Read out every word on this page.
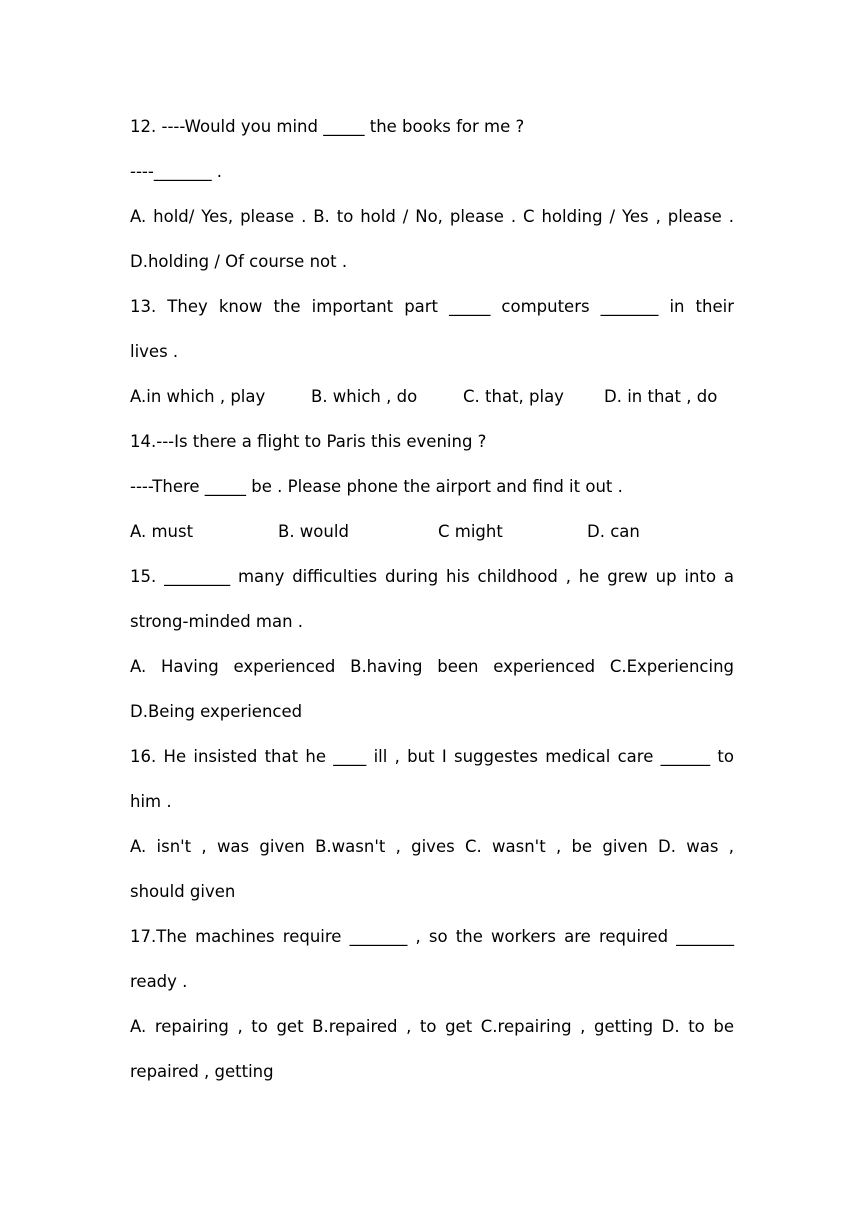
12. ----Would you mind _____ the books for me ?
----_______ .
A. hold/ Yes, please . B. to hold / No, please . C holding / Yes , please .
D.holding / Of course not .
13. They know the important part _____ computers _______ in their
lives .
A.in which , play	B. which , do	C. that, play	D. in that , do
14.---Is there a flight to Paris this evening ?
----There _____ be . Please phone the airport and find it out .
A. must	B. would	C might	D. can
15. ________ many difficulties during his childhood , he grew up into a
strong-minded man .
A. Having experienced B.having been experienced C.Experiencing
D.Being experienced
16. He insisted that he ____ ill , but I suggestes medical care ______ to
him .
A. isn't , was given B.wasn't , gives C. wasn't , be given D. was ,
should given
17.The machines require _______ , so the workers are required _______
ready .
A. repairing , to get B.repaired , to get C.repairing , getting D. to be
repaired , getting
